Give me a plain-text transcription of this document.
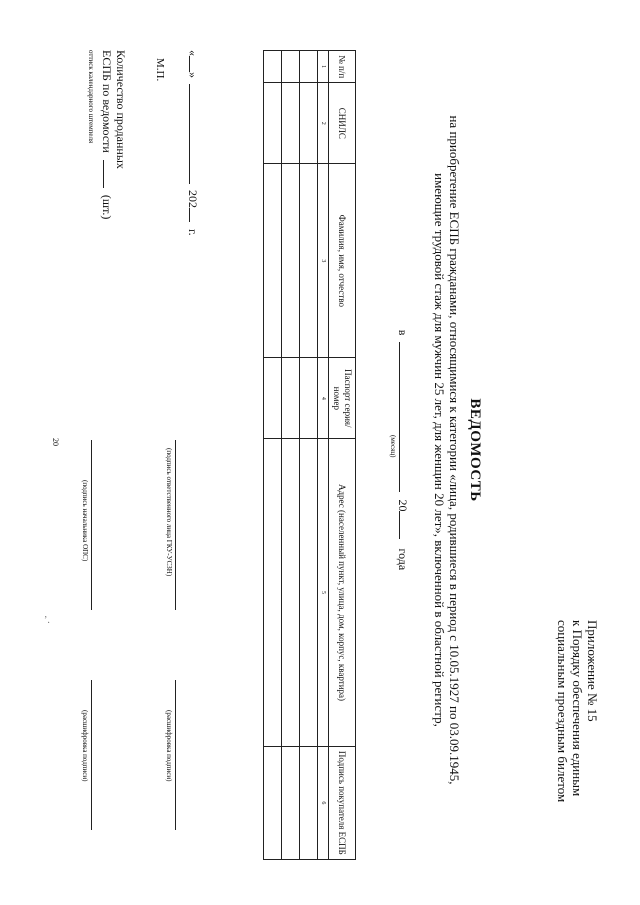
20
’.	Приложение № 15
к Порядку обеспечения единым
социальным проездным билетом
ВЕДОМОСТЬ
на приобретение ЕСПБ гражданами, относящимися к категории «лица, родившиеся в период с 10.05.1927 по 03.09.1945,
имеющие трудовой стаж для мужчин 25 лет, для женщин 20 лет», включенной в областной регистр,
в  20 года
(месяц)
№ п/п	СНИЛС	Фамилия, имя, отчество	Паспорт серия/номер	Адрес (населенный пункт, улица, дом, корпус, квартира)	Подпись покупателя ЕСПБ
1	2	3	4	5	6

«»  202 г.
(подпись ответственного лица ГКУ-УСЗН)
(расшифровка подписи)
М.П.
Количество проданных
ЕСПБ по ведомости  (шт.)
оттиск календарного штемпеля
(подпись начальника ОПС)
(расшифровка подписи)
